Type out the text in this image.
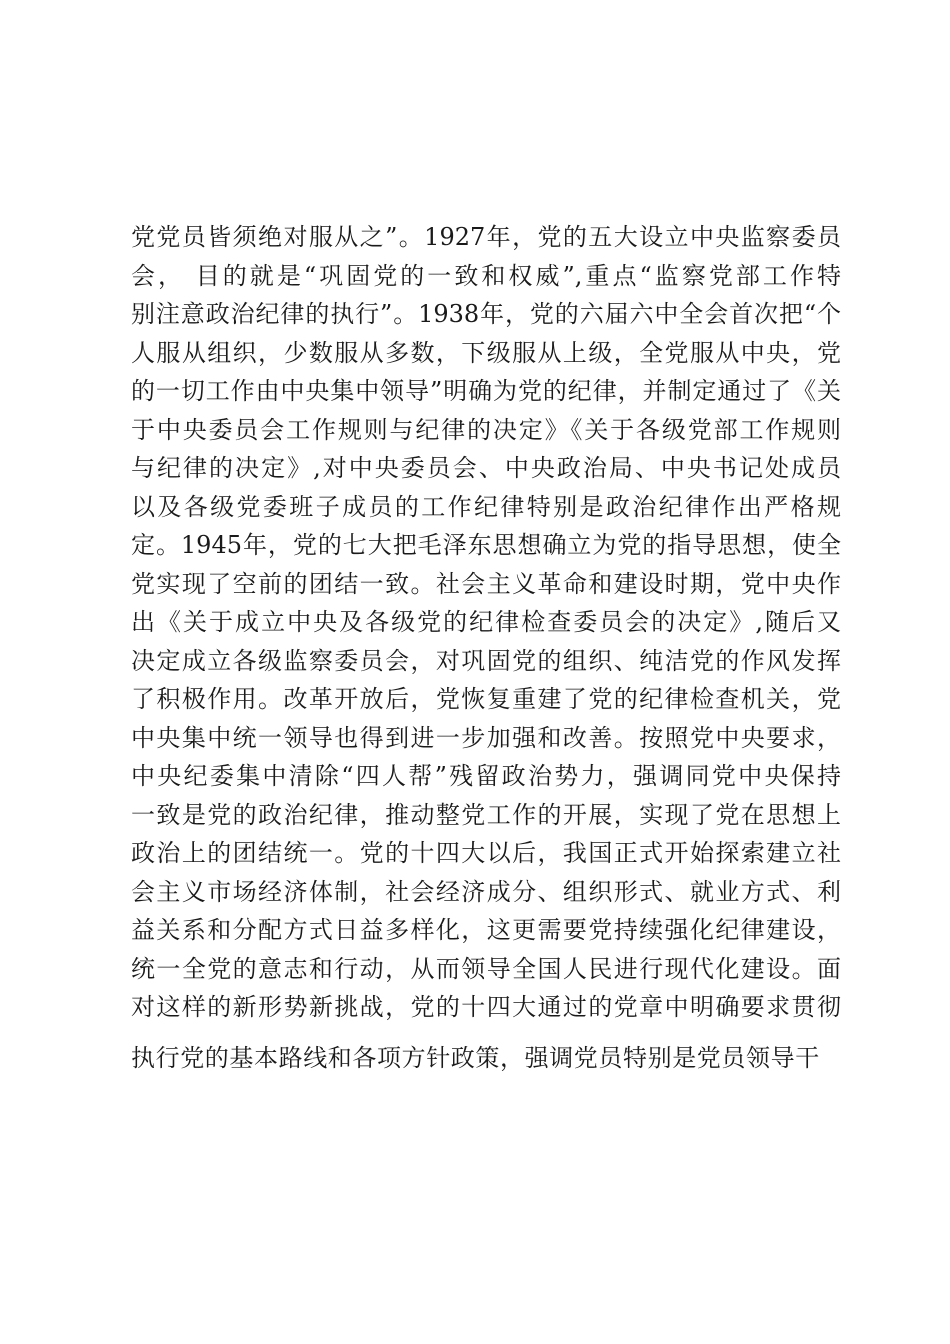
党党员皆须绝对服从之”。1927年，党的五大设立中央监察委员
会， 目的就是“巩固党的一致和权威”,重点“监察党部工作特
别注意政治纪律的执行”。1938年，党的六届六中全会首次把“个
人服从组织，少数服从多数，下级服从上级，全党服从中央，党
的一切工作由中央集中领导”明确为党的纪律，并制定通过了《关
于中央委员会工作规则与纪律的决定》《关于各级党部工作规则
与纪律的决定》,对中央委员会、中央政治局、中央书记处成员
以及各级党委班子成员的工作纪律特别是政治纪律作出严格规
定。1945年，党的七大把毛泽东思想确立为党的指导思想，使全
党实现了空前的团结一致。社会主义革命和建设时期，党中央作
出《关于成立中央及各级党的纪律检查委员会的决定》,随后又
决定成立各级监察委员会，对巩固党的组织、纯洁党的作风发挥
了积极作用。改革开放后，党恢复重建了党的纪律检查机关，党
中央集中统一领导也得到进一步加强和改善。按照党中央要求，
中央纪委集中清除“四人帮”残留政治势力，强调同党中央保持
一致是党的政治纪律，推动整党工作的开展，实现了党在思想上
政治上的团结统一。党的十四大以后，我国正式开始探索建立社
会主义市场经济体制，社会经济成分、组织形式、就业方式、利
益关系和分配方式日益多样化，这更需要党持续强化纪律建设，
统一全党的意志和行动，从而领导全国人民进行现代化建设。面
对这样的新形势新挑战，党的十四大通过的党章中明确要求贯彻
执行党的基本路线和各项方针政策，强调党员特别是党员领导干
